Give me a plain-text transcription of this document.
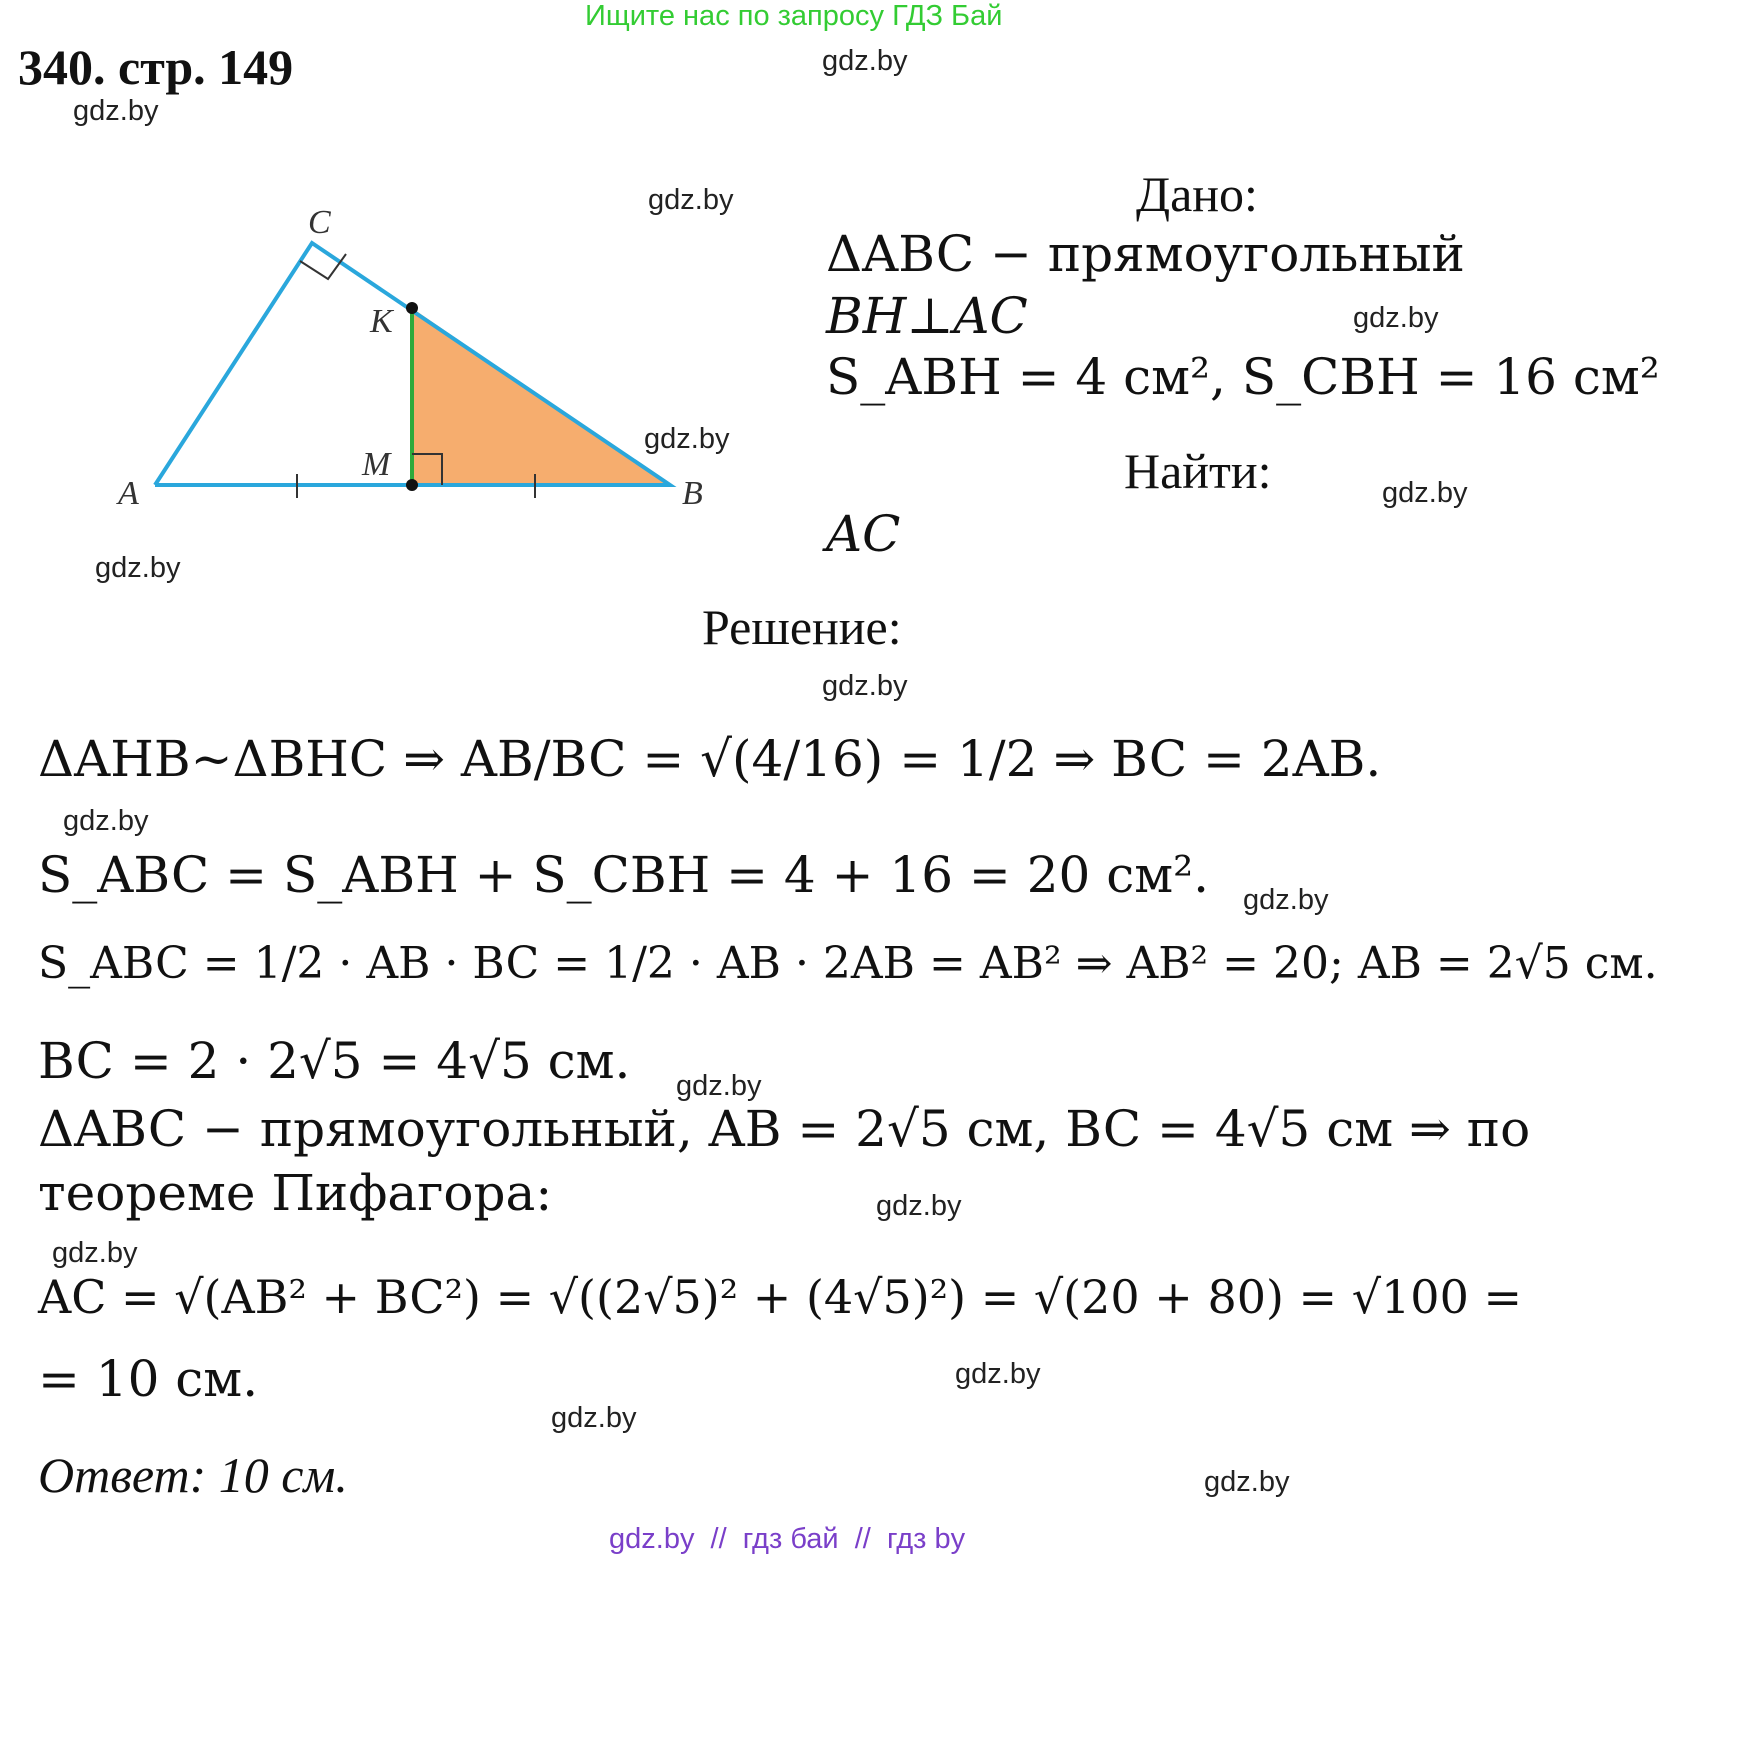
Ищите нас по запросу ГДЗ Бай
340. стр. 149	gdz.by
gdz.by
gdz.by
gdz.by
gdz.by
gdz.by
gdz.by
gdz.by
gdz.by
gdz.by
gdz.by
gdz.by
gdz.by
gdz.by
gdz.by
gdz.by
C
K
M
A	B
Дано:
ΔABC − прямоугольный
BH⊥AC
S_ABH = 4 см², S_CBH = 16 см²
Найти:
AC
Решение:
ΔAHB~ΔBHC ⇒ AB/BC = √(4/16) = 1/2 ⇒ BC = 2AB.
S_ABC = S_ABH + S_CBH = 4 + 16 = 20 см².
S_ABC = 1/2 · AB · BC = 1/2 · AB · 2AB = AB² ⇒ AB² = 20; AB = 2√5 см.
BC = 2 · 2√5 = 4√5 см.
ΔABC − прямоугольный, AB = 2√5 см, BC = 4√5 см ⇒ по
теореме Пифагора:
AC = √(AB² + BC²) = √((2√5)² + (4√5)²) = √(20 + 80) = √100 =
= 10 см.
Ответ: 10 см.
gdz.by  //  гдз бай  //  гдз by
